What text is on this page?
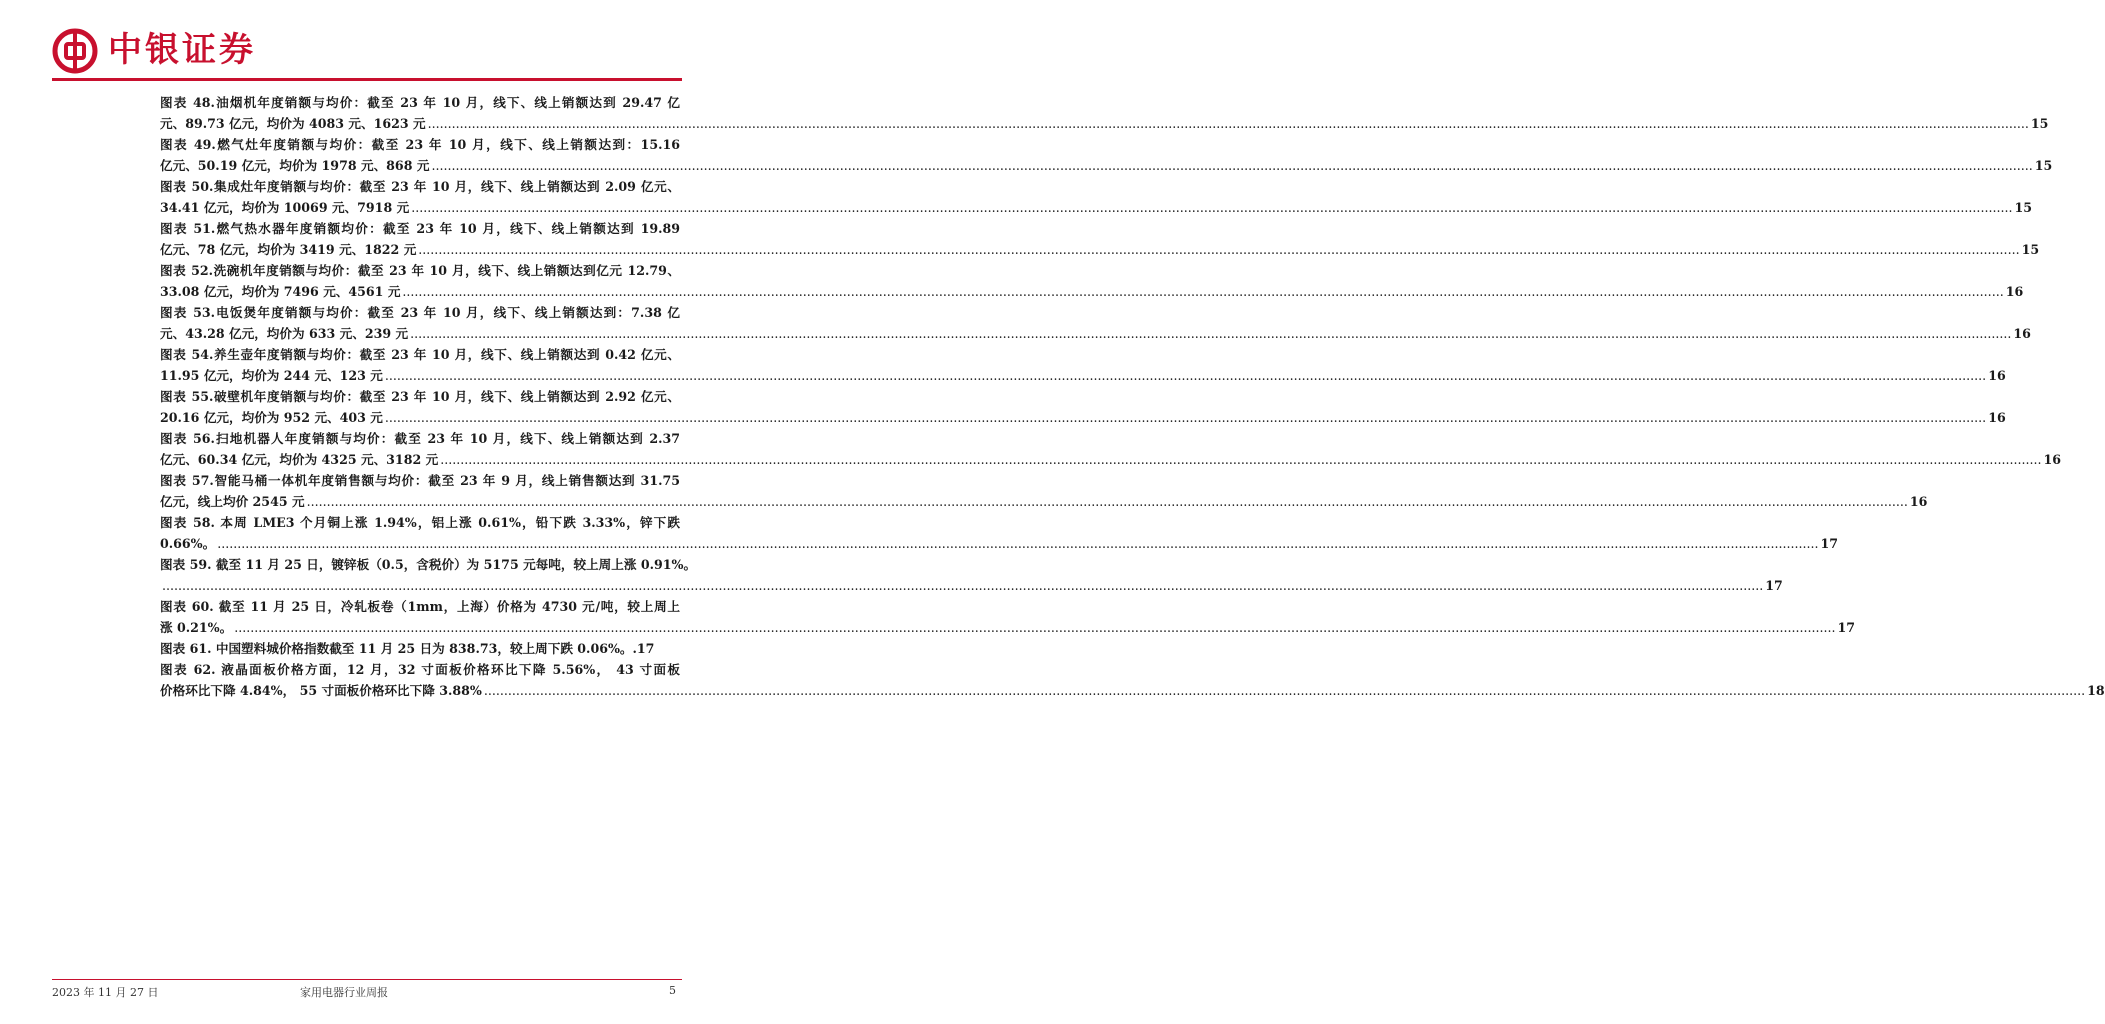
中银证券
图表 48.油烟机年度销额与均价：截至 23 年 10 月，线下、线上销额达到 29.47 亿
元、89.73 亿元，均价为 4083 元、1623 元 ................................................................................................................................................................................................................................................................................................................................................................................................................ 15
图表 49.燃气灶年度销额与均价：截至 23 年 10 月，线下、线上销额达到：15.16
亿元、50.19 亿元，均价为 1978 元、868 元 ................................................................................................................................................................................................................................................................................................................................................................................................................ 15
图表 50.集成灶年度销额与均价：截至 23 年 10 月，线下、线上销额达到 2.09 亿元、
34.41 亿元，均价为 10069 元、7918 元 ................................................................................................................................................................................................................................................................................................................................................................................................................ 15
图表 51.燃气热水器年度销额均价：截至 23 年 10 月，线下、线上销额达到 19.89
亿元、78 亿元，均价为 3419 元、1822 元 ................................................................................................................................................................................................................................................................................................................................................................................................................ 15
图表 52.洗碗机年度销额与均价：截至 23 年 10 月，线下、线上销额达到亿元 12.79、
33.08 亿元，均价为 7496 元、4561 元 ................................................................................................................................................................................................................................................................................................................................................................................................................ 16
图表 53.电饭煲年度销额与均价：截至 23 年 10 月，线下、线上销额达到：7.38 亿
元、43.28 亿元，均价为 633 元、239 元 ................................................................................................................................................................................................................................................................................................................................................................................................................ 16
图表 54.养生壶年度销额与均价：截至 23 年 10 月，线下、线上销额达到 0.42 亿元、
11.95 亿元，均价为 244 元、123 元 ................................................................................................................................................................................................................................................................................................................................................................................................................ 16
图表 55.破壁机年度销额与均价：截至 23 年 10 月，线下、线上销额达到 2.92 亿元、
20.16 亿元，均价为 952 元、403 元 ................................................................................................................................................................................................................................................................................................................................................................................................................ 16
图表 56.扫地机器人年度销额与均价：截至 23 年 10 月，线下、线上销额达到 2.37
亿元、60.34 亿元，均价为 4325 元、3182 元 ................................................................................................................................................................................................................................................................................................................................................................................................................ 16
图表 57.智能马桶一体机年度销售额与均价：截至 23 年 9 月，线上销售额达到 31.75
亿元，线上均价 2545 元 ................................................................................................................................................................................................................................................................................................................................................................................................................ 16
图表 58. 本周 LME3 个月铜上涨 1.94%，铝上涨 0.61%，铅下跌 3.33%，锌下跌
0.66%。 ................................................................................................................................................................................................................................................................................................................................................................................................................ 17
图表 59. 截至 11 月 25 日，镀锌板（0.5，含税价）为 5175 元每吨，较上周上涨 0.91%。
................................................................................................................................................................................................................................................................................................................................................................................................................ 17
图表 60. 截至 11 月 25 日，冷轧板卷（1mm，上海）价格为 4730 元/吨，较上周上
涨 0.21%。 ................................................................................................................................................................................................................................................................................................................................................................................................................ 17
图表 61. 中国塑料城价格指数截至 11 月 25 日为 838.73，较上周下跌 0.06%。.17
图表 62. 液晶面板价格方面，12 月，32 寸面板价格环比下降 5.56%， 43 寸面板
价格环比下降 4.84%， 55 寸面板价格环比下降 3.88% ................................................................................................................................................................................................................................................................................................................................................................................................................ 18
2023 年 11 月 27 日	家用电器行业周报	5
